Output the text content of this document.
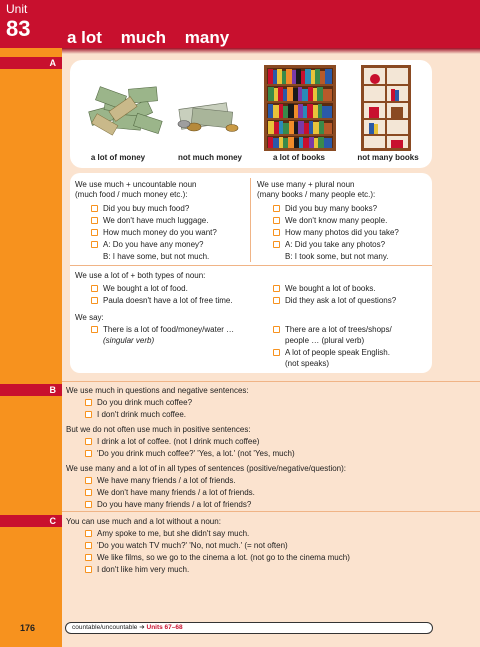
Unit
83	a lot much many
A
a lot of money	not much money	a lot of books	not many books
We use much + uncountable noun
(much food / much money etc.):
Did you buy much food?
We don't have much luggage.
How much money do you want?
A: Do you have any money?
B: I have some, but not much.
We use many + plural noun
(many books / many people etc.):
Did you buy many books?
We don't know many people.
How many photos did you take?
A: Did you take any photos?
B: I took some, but not many.
We use a lot of + both types of noun:
We bought a lot of food.
Paula doesn't have a lot of free time.
We bought a lot of books.
Did they ask a lot of questions?
We say:
There is a lot of food/money/water …
(singular verb)
There are a lot of trees/shops/
people … (plural verb)
A lot of people speak English.
(not speaks)
B	We use much in questions and negative sentences:
Do you drink much coffee?
I don't drink much coffee.
But we do not often use much in positive sentences:
I drink a lot of coffee. (not I drink much coffee)
'Do you drink much coffee?' 'Yes, a lot.' (not 'Yes, much)
We use many and a lot of in all types of sentences (positive/negative/question):
We have many friends / a lot of friends.
We don't have many friends / a lot of friends.
Do you have many friends / a lot of friends?
C	You can use much and a lot without a noun:
Amy spoke to me, but she didn't say much.
'Do you watch TV much?' 'No, not much.' (= not often)
We like films, so we go to the cinema a lot. (not go to the cinema much)
I don't like him very much.
176	countable/uncountable ➔ Units 67–68
